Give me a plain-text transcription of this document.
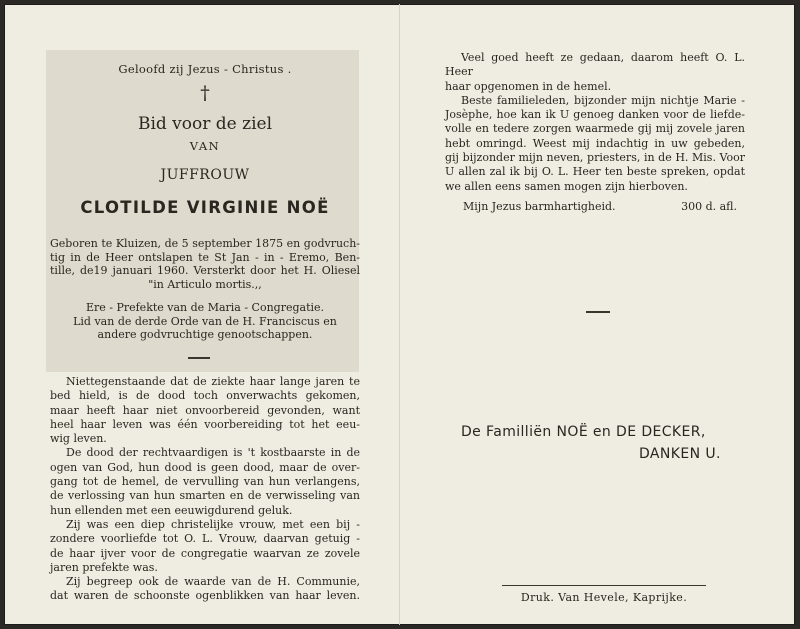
Geloofd zij Jezus - Christus .

†

Bid voor de ziel

VAN

JUFFROUW

CLOTILDE VIRGINIE NOË

Geboren te Kluizen, de 5 september 1875 en godvruch-

tig in de Heer ontslapen te St Jan - in - Eremo, Ben-

tille, de19 januari 1960. Versterkt door het H. Oliesel

"in Articulo mortis.,,

Ere - Prefekte van de Maria - Congregatie.

Lid van de derde Orde van de H. Franciscus en

andere godvruchtige genootschappen.

Niettegenstaande dat de ziekte haar lange jaren te

bed hield, is de dood toch onverwachts gekomen,

maar heeft haar niet onvoorbereid gevonden, want

heel haar leven was één voorbereiding tot het eeu-

wig leven.

De dood der rechtvaardigen is 't kostbaarste in de

ogen van God, hun dood is geen dood, maar de over-

gang tot de hemel, de vervulling van hun verlangens,

de verlossing van hun smarten en de verwisseling van

hun ellenden met een eeuwigdurend geluk.

Zij was een diep christelijke vrouw, met een bij -

zondere voorliefde tot O. L. Vrouw, daarvan getuig -

de haar ijver voor de congregatie waarvan ze zovele

jaren prefekte was.

Zij begreep ook de waarde van de H. Communie,

dat waren de schoonste ogenblikken van haar leven.

Veel goed heeft ze gedaan, daarom heeft O. L. Heer

haar opgenomen in de hemel.

Beste familieleden, bijzonder mijn nichtje Marie -

Josèphe, hoe kan ik U genoeg danken voor de liefde-

volle en tedere zorgen waarmede gij mij zovele jaren

hebt omringd. Weest mij indachtig in uw gebeden,

gij bijzonder mijn neven, priesters, in de H. Mis. Voor

U allen zal ik bij O. L. Heer ten beste spreken, opdat

we allen eens samen mogen zijn hierboven.

Mijn Jezus barmhartigheid.	300 d. afl.

De Familliën NOË en DE DECKER,

DANKEN U.

Druk. Van Hevele, Kaprijke.
